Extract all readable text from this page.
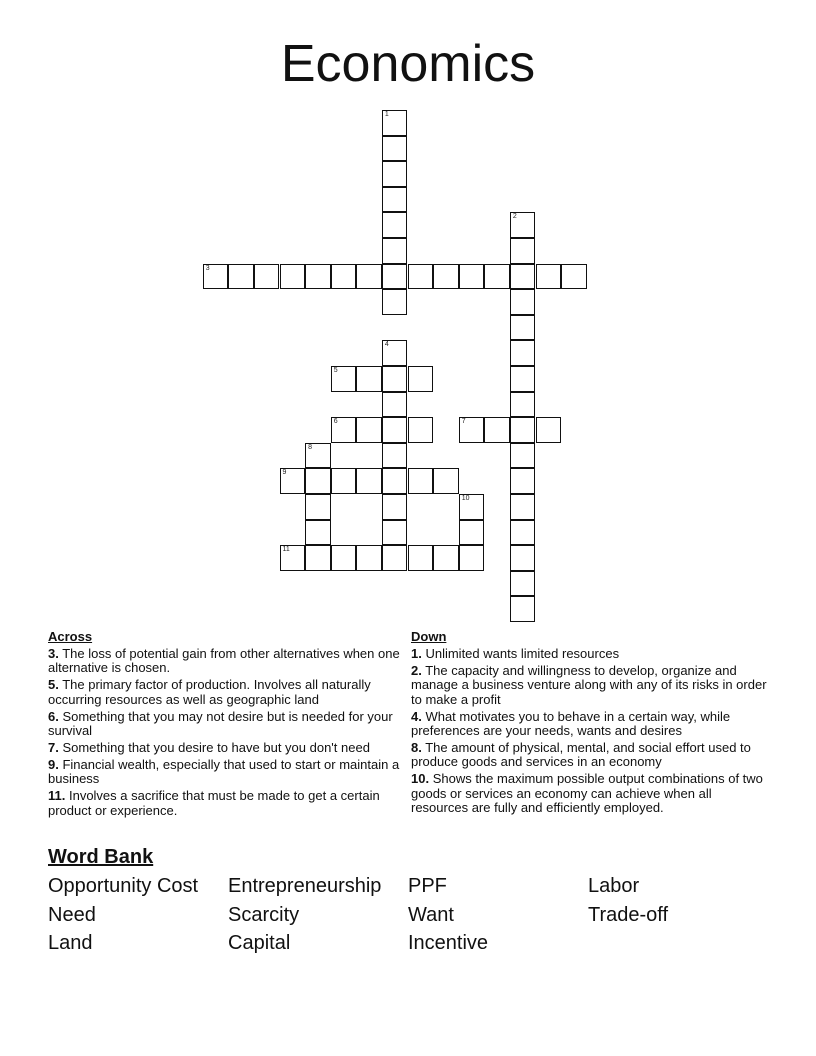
Economics
1
2
3
4
5
6	7
8
9
10
11
Across
3. The loss of potential gain from other alternatives when one alternative is chosen.
5. The primary factor of production. Involves all naturally occurring resources as well as geographic land
6. Something that you may not desire but is needed for your survival
7. Something that you desire to have but you don't need
9. Financial wealth, especially that used to start or maintain a business
11. Involves a sacrifice that must be made to get a certain product or experience.
Down
1. Unlimited wants limited resources
2. The capacity and willingness to develop, organize and manage a business venture along with any of its risks in order to make a profit
4. What motivates you to behave in a certain way, while preferences are your needs, wants and desires
8. The amount of physical, mental, and social effort used to produce goods and services in an economy
10. Shows the maximum possible output combinations of two goods or services an economy can achieve when all resources are fully and efficiently employed.
Word Bank
Opportunity Cost	Entrepreneurship	PPF	Labor
Need	Scarcity	Want	Trade-off
Land	Capital	Incentive
